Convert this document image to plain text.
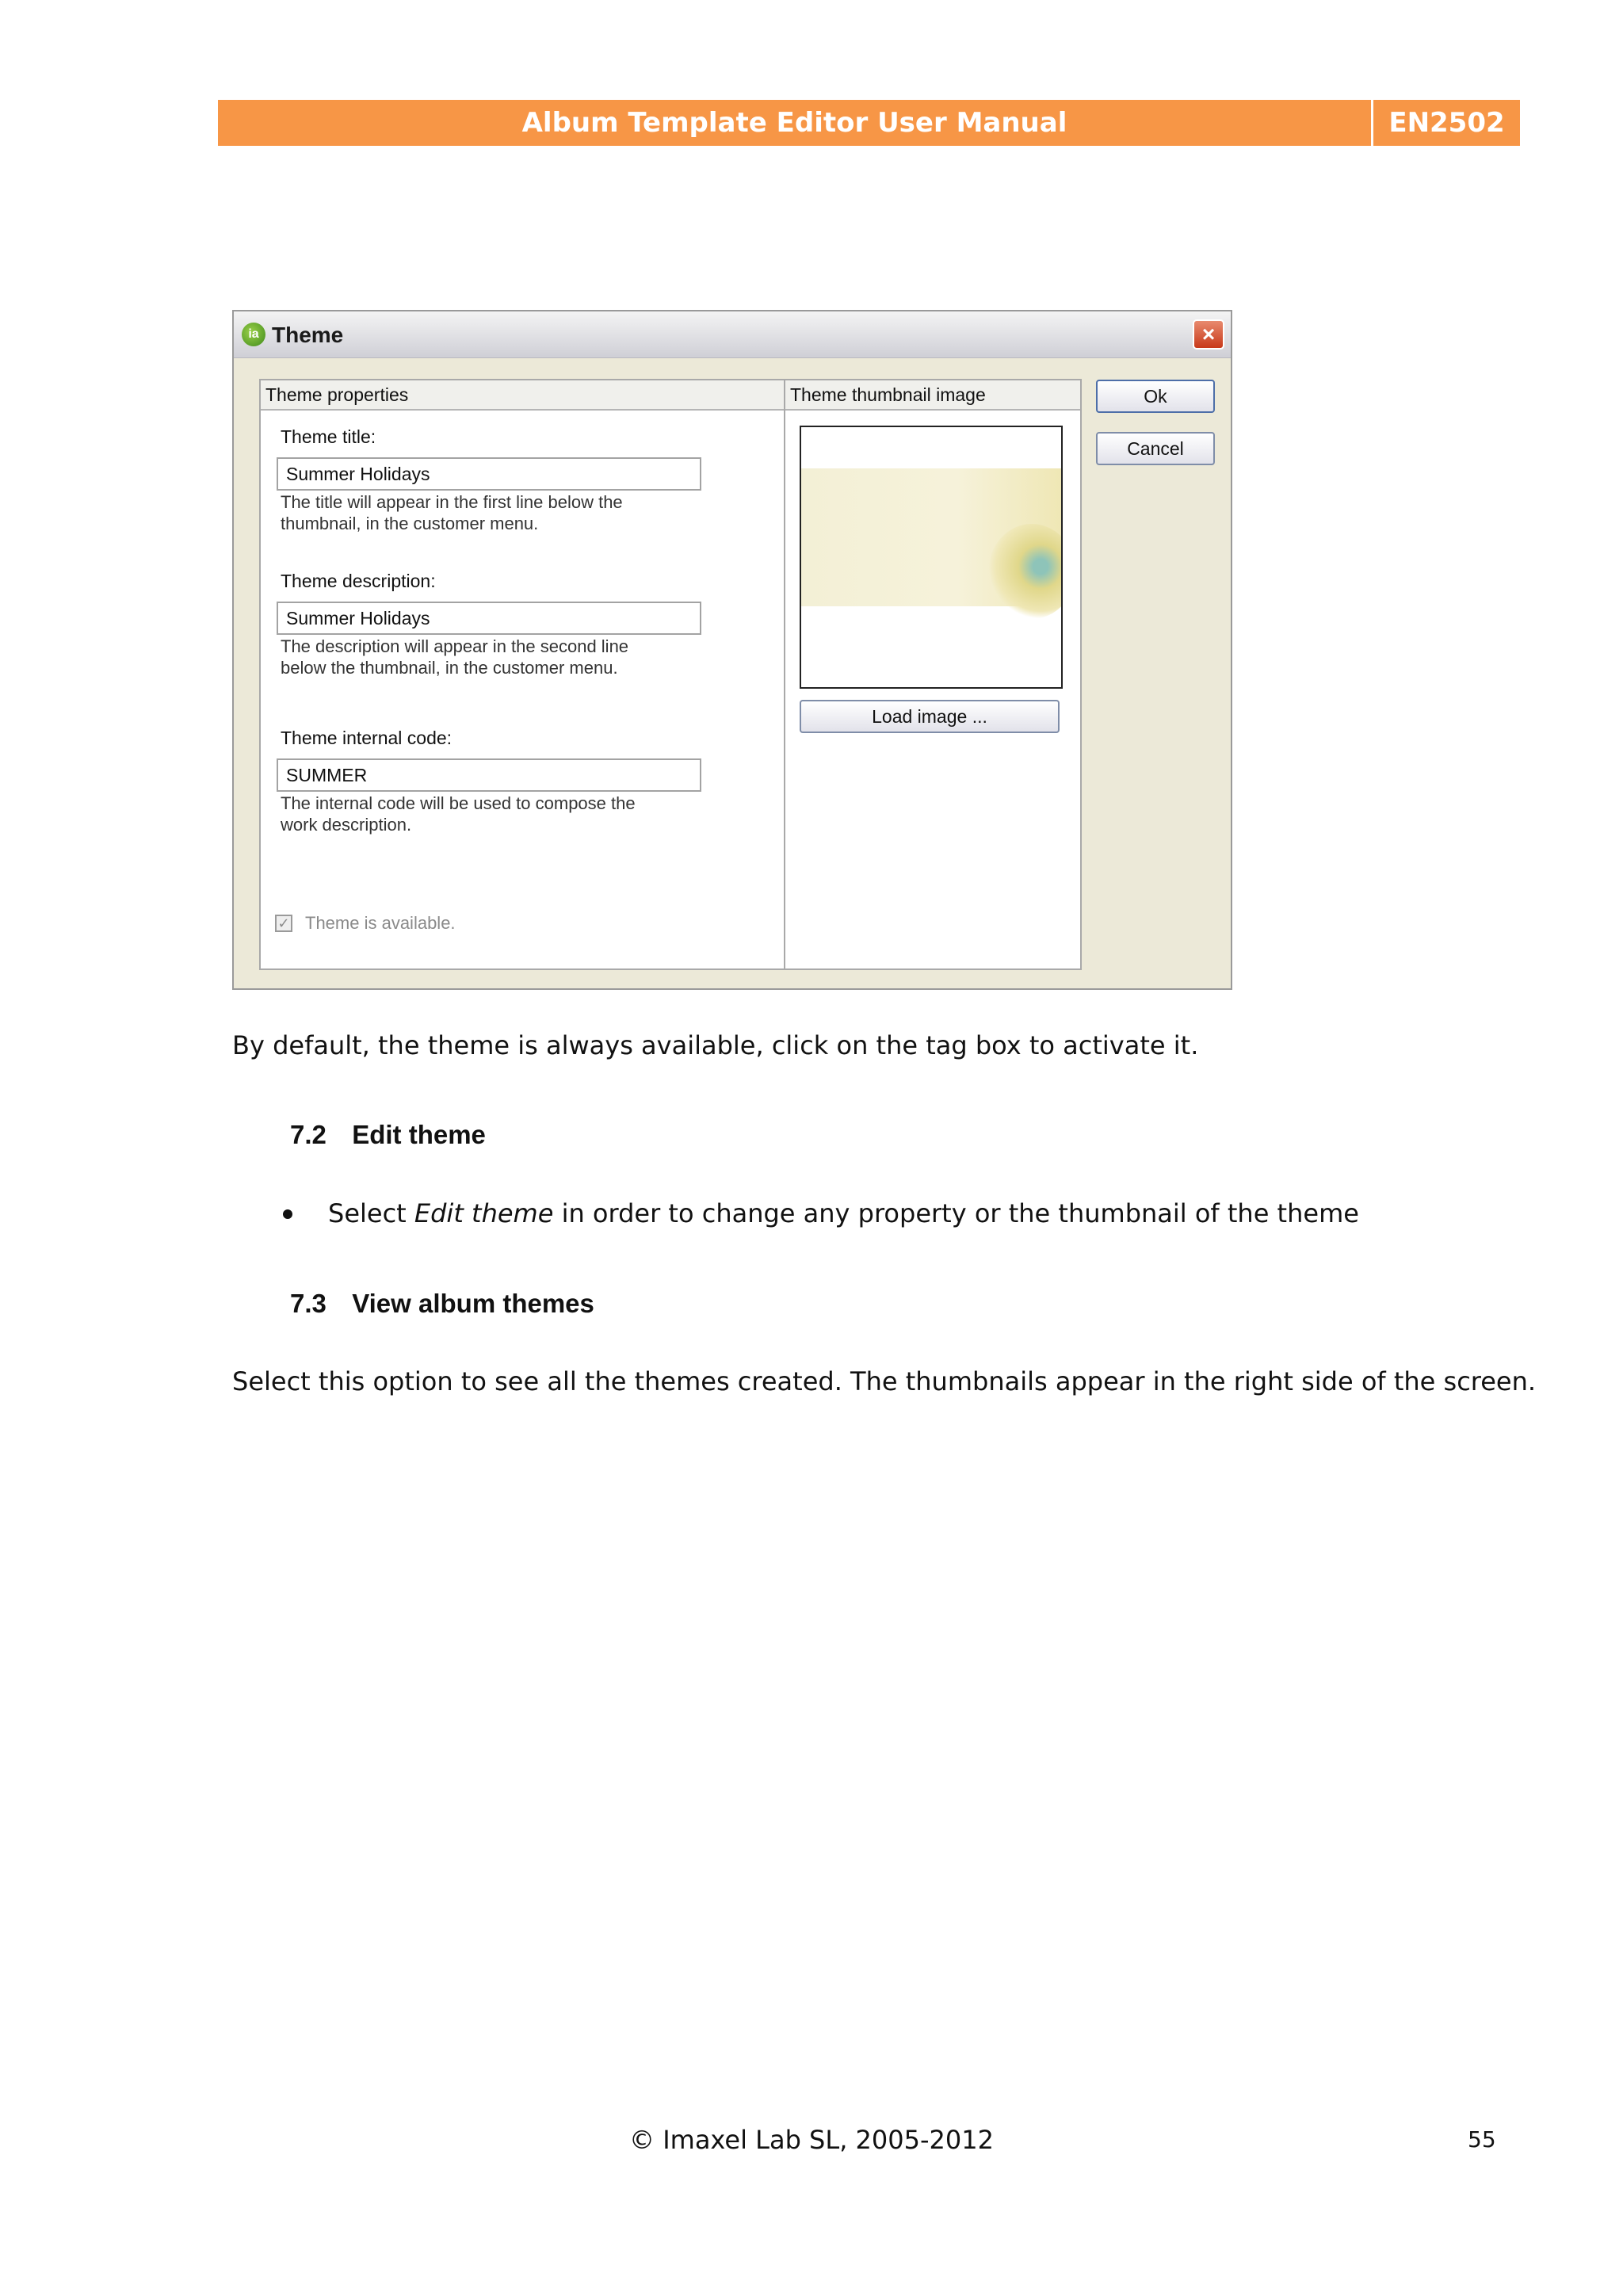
Album Template Editor User Manual	EN2502
ia Theme	×
Theme properties
Theme title:
Summer Holidays
The title will appear in the first line below the thumbnail, in the customer menu.
Theme description:
Summer Holidays
The description will appear in the second line below the thumbnail, in the customer menu.
Theme internal code:
SUMMER
The internal code will be used to compose the work description.
✓ Theme is available.
Theme thumbnail image
Load image ...
Ok
Cancel
By default, the theme is always available, click on the tag box to activate it.
7.2 Edit theme
Select Edit theme in order to change any property or the thumbnail of the theme
7.3 View album themes
Select this option to see all the themes created. The thumbnails appear in the right side of the screen.
© Imaxel Lab SL, 2005-2012	55
